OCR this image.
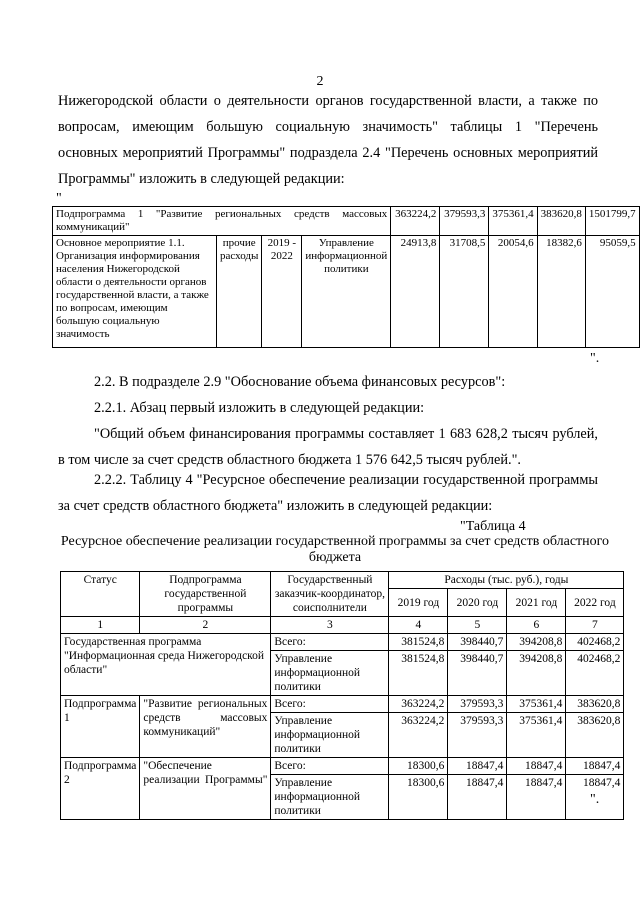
2
Нижегородской области о деятельности органов государственной власти, а также по вопросам, имеющим большую социальную значимость" таблицы 1 "Перечень основных мероприятий Программы" подраздела 2.4 "Перечень основных мероприятий Программы" изложить в следующей редакции:
"
Подпрограмма 1 "Развитие региональных средств массовых коммуникаций"				363224,2	379593,3	375361,4	383620,8	1501799,7
Основное мероприятие 1.1. Организация информирования населения Нижегородской области о деятельности органов государственной власти, а также по вопросам, имеющим большую социальную значимость	прочие расходы	2019 - 2022	Управление информационной политики	24913,8	31708,5	20054,6	18382,6	95059,5
".
2.2. В подразделе 2.9 "Обоснование объема финансовых ресурсов":
2.2.1. Абзац первый изложить в следующей редакции:
"Общий объем финансирования программы составляет 1 683 628,2 тысяч рублей, в том числе за счет средств областного бюджета 1 576 642,5 тысяч рублей.".
2.2.2. Таблицу 4 "Ресурсное обеспечение реализации государственной программы за счет средств областного бюджета" изложить в следующей редакции:
"Таблица 4
Ресурсное обеспечение реализации государственной программы за счет средств областного бюджета
Статус	Подпрограмма государственной программы	Государственный заказчик-координатор, соисполнители	Расходы (тыс. руб.), годы			
			2019 год	2020 год	2021 год	2022 год
1	2	3	4	5	6	7
Государственная программа "Информационная среда Нижегородской области"		Всего:	381524,8	398440,7	394208,8	402468,2
		Управление информационной политики	381524,8	398440,7	394208,8	402468,2
Подпрограмма 1	"Развитие региональных средств массовых коммуникаций"	Всего:	363224,2	379593,3	375361,4	383620,8
		Управление информационной политики	363224,2	379593,3	375361,4	383620,8
Подпрограмма 2	"Обеспечение реализации Программы"	Всего:	18300,6	18847,4	18847,4	18847,4
		Управление информационной политики	18300,6	18847,4	18847,4	18847,4
".
